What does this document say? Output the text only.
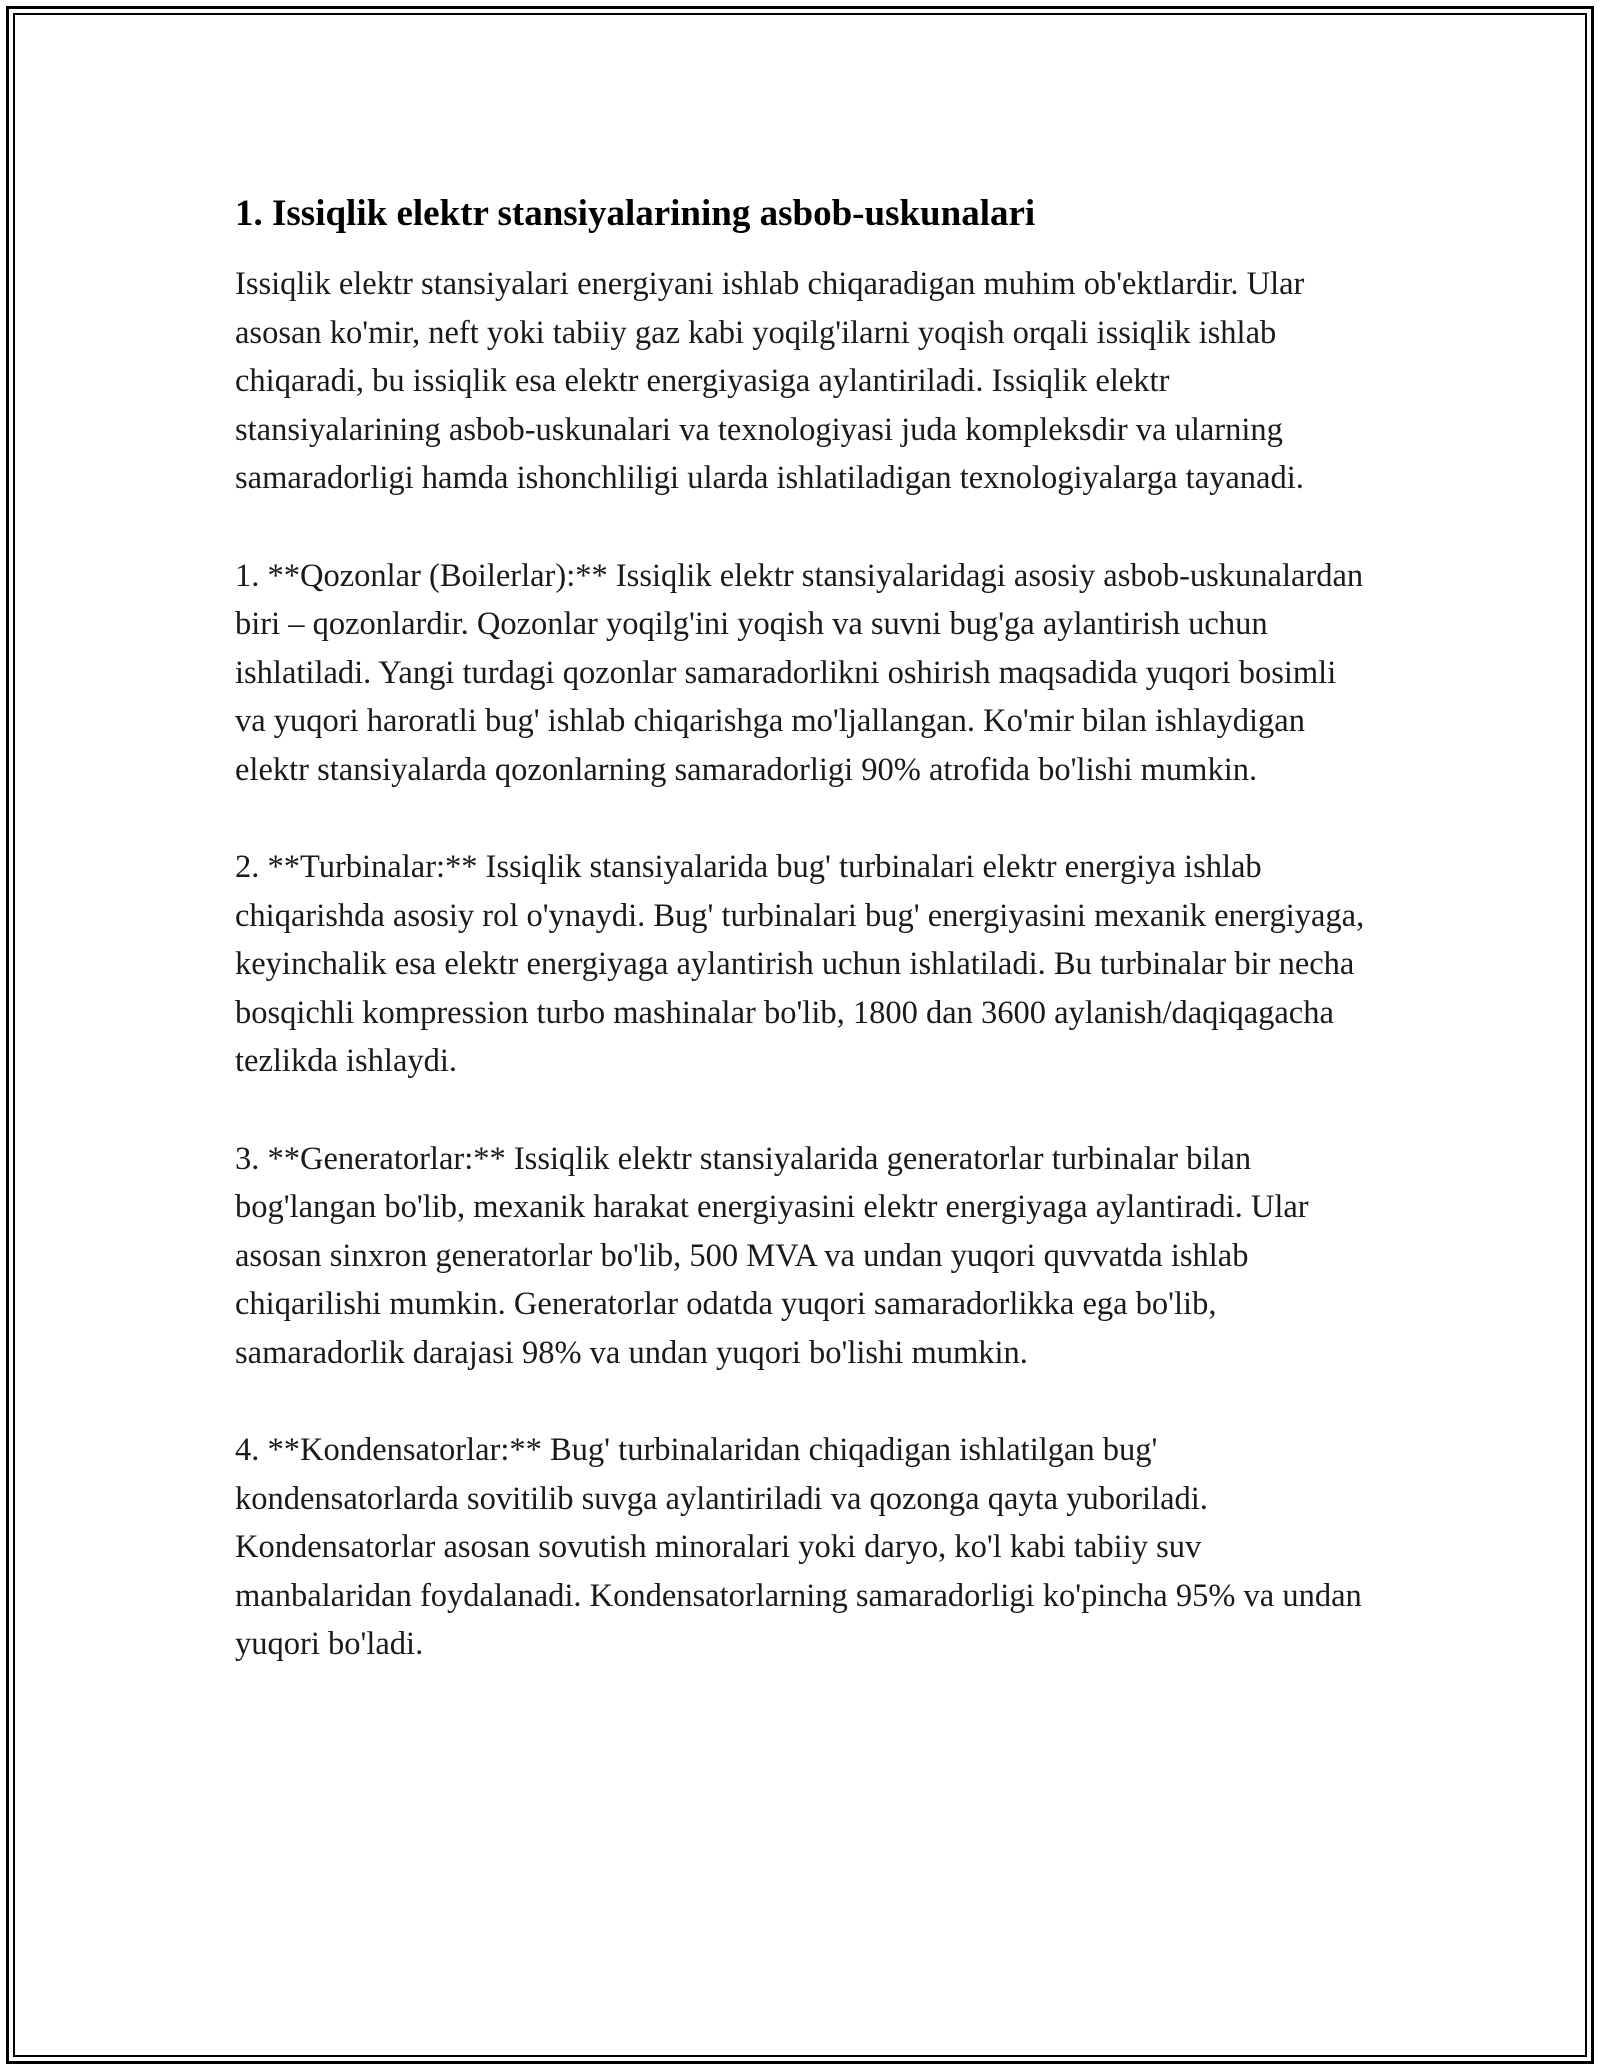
1. Issiqlik elektr stansiyalarining asbob-uskunalari

Issiqlik elektr stansiyalari energiyani ishlab chiqaradigan muhim ob'ektlardir. Ular asosan ko'mir, neft yoki tabiiy gaz kabi yoqilg'ilarni yoqish orqali issiqlik ishlab chiqaradi, bu issiqlik esa elektr energiyasiga aylantiriladi. Issiqlik elektr stansiyalarining asbob-uskunalari va texnologiyasi juda kompleksdir va ularning samaradorligi hamda ishonchliligi ularda ishlatiladigan texnologiyalarga tayanadi.

1. **Qozonlar (Boilerlar):** Issiqlik elektr stansiyalaridagi asosiy asbob-uskunalardan biri – qozonlardir. Qozonlar yoqilg'ini yoqish va suvni bug'ga aylantirish uchun ishlatiladi. Yangi turdagi qozonlar samaradorlikni oshirish maqsadida yuqori bosimli va yuqori haroratli bug' ishlab chiqarishga mo'ljallangan. Ko'mir bilan ishlaydigan elektr stansiyalarda qozonlarning samaradorligi 90% atrofida bo'lishi mumkin.

2. **Turbinalar:** Issiqlik stansiyalarida bug' turbinalari elektr energiya ishlab chiqarishda asosiy rol o'ynaydi. Bug' turbinalari bug' energiyasini mexanik energiyaga, keyinchalik esa elektr energiyaga aylantirish uchun ishlatiladi. Bu turbinalar bir necha bosqichli kompression turbo mashinalar bo'lib, 1800 dan 3600 aylanish/daqiqagacha tezlikda ishlaydi.

3. **Generatorlar:** Issiqlik elektr stansiyalarida generatorlar turbinalar bilan bog'langan bo'lib, mexanik harakat energiyasini elektr energiyaga aylantiradi. Ular asosan sinxron generatorlar bo'lib, 500 MVA va undan yuqori quvvatda ishlab chiqarilishi mumkin. Generatorlar odatda yuqori samaradorlikka ega bo'lib, samaradorlik darajasi 98% va undan yuqori bo'lishi mumkin.

4. **Kondensatorlar:** Bug' turbinalaridan chiqadigan ishlatilgan bug' kondensatorlarda sovitilib suvga aylantiriladi va qozonga qayta yuboriladi. Kondensatorlar asosan sovutish minoralari yoki daryo, ko'l kabi tabiiy suv manbalaridan foydalanadi. Kondensatorlarning samaradorligi ko'pincha 95% va undan yuqori bo'ladi.
